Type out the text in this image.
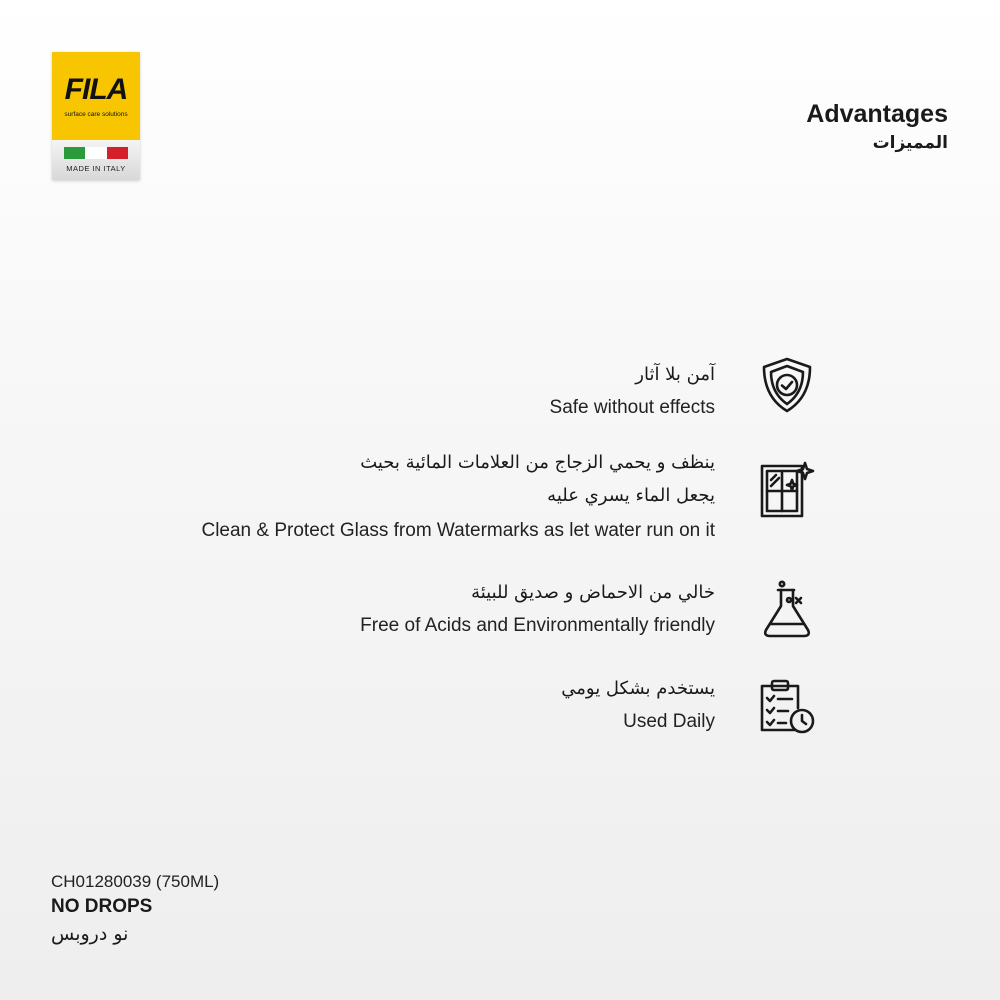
FILA
surface care solutions
MADE IN ITALY
Advantages
المميزات
آمن بلا آثار
Safe without effects
ينظف و يحمي الزجاج من العلامات المائية بحيث
يجعل الماء يسري عليه
Clean & Protect Glass from Watermarks as let water run on it
خالي من الاحماض و صديق للبيئة
Free of Acids and Environmentally friendly
يستخدم بشكل يومي
Used Daily
CH01280039 (750ML)
NO DROPS
نو دروبس
